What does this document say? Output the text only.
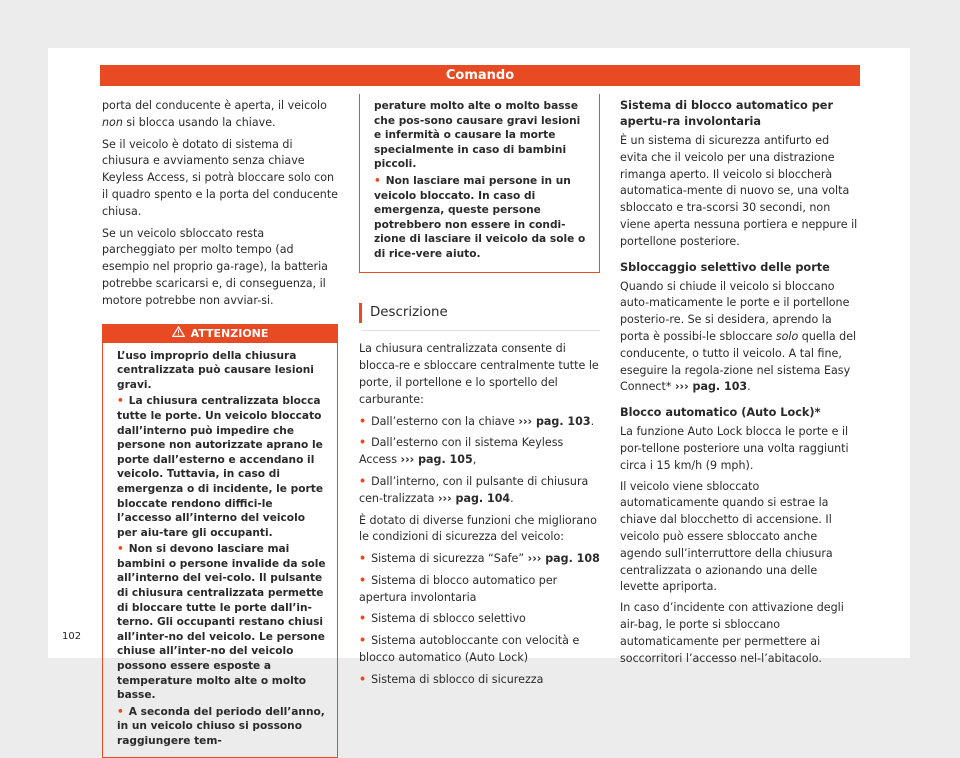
Comando

porta del conducente è aperta, il veicolo non si blocca usando la chiave.

Se il veicolo è dotato di sistema di chiusura e avviamento senza chiave Keyless Access, si potrà bloccare solo con il quadro spento e la porta del conducente chiusa.

Se un veicolo sbloccato resta parcheggiato per molto tempo (ad esempio nel proprio ga-rage), la batteria potrebbe scaricarsi e, di conseguenza, il motore potrebbe non avviar-si.

ATTENZIONE

L’uso improprio della chiusura centralizzata può causare lesioni gravi.

• La chiusura centralizzata blocca tutte le porte. Un veicolo bloccato dall’interno può impedire che persone non autorizzate aprano le porte dall’esterno e accendano il veicolo. Tuttavia, in caso di emergenza o di incidente, le porte bloccate rendono diffici-le l’accesso all’interno del veicolo per aiu-tare gli occupanti.

• Non si devono lasciare mai bambini o persone invalide da sole all’interno del vei-colo. Il pulsante di chiusura centralizzata permette di bloccare tutte le porte dall’in-terno. Gli occupanti restano chiusi all’inter-no del veicolo. Le persone chiuse all’inter-no del veicolo possono essere esposte a temperature molto alte o molto basse.

• A seconda del periodo dell’anno, in un veicolo chiuso si possono raggiungere tem-

perature molto alte o molto basse che pos-sono causare gravi lesioni e infermità o causare la morte specialmente in caso di bambini piccoli.

• Non lasciare mai persone in un veicolo bloccato. In caso di emergenza, queste persone potrebbero non essere in condi-zione di lasciare il veicolo da sole o di rice-vere aiuto.

Descrizione

La chiusura centralizzata consente di blocca-re e sbloccare centralmente tutte le porte, il portellone e lo sportello del carburante:

• Dall’esterno con la chiave ››› pag. 103.

• Dall’esterno con il sistema Keyless Access ››› pag. 105,

• Dall’interno, con il pulsante di chiusura cen-tralizzata ››› pag. 104.

È dotato di diverse funzioni che migliorano le condizioni di sicurezza del veicolo:

• Sistema di sicurezza “Safe” ››› pag. 108

• Sistema di blocco automatico per apertura involontaria

• Sistema di sblocco selettivo

• Sistema autobloccante con velocità e blocco automatico (Auto Lock)

• Sistema di sblocco di sicurezza

Sistema di blocco automatico per apertu-ra involontaria

È un sistema di sicurezza antifurto ed evita che il veicolo per una distrazione rimanga aperto. Il veicolo si bloccherà automatica-mente di nuovo se, una volta sbloccato e tra-scorsi 30 secondi, non viene aperta nessuna portiera e neppure il portellone posteriore.

Sbloccaggio selettivo delle porte

Quando si chiude il veicolo si bloccano auto-maticamente le porte e il portellone posterio-re. Se si desidera, aprendo la porta è possibi-le sbloccare solo quella del conducente, o tutto il veicolo. A tal fine, eseguire la regola-zione nel sistema Easy Connect* ››› pag. 103.

Blocco automatico (Auto Lock)*

La funzione Auto Lock blocca le porte e il por-tellone posteriore una volta raggiunti circa i 15 km/h (9 mph).

Il veicolo viene sbloccato automaticamente quando si estrae la chiave dal blocchetto di accensione. Il veicolo può essere sbloccato anche agendo sull’interruttore della chiusura centralizzata o azionando una delle levette apriporta.

In caso d’incidente con attivazione degli air-bag, le porte si sbloccano automaticamente per permettere ai soccorritori l’accesso nel-l’abitacolo.

102
